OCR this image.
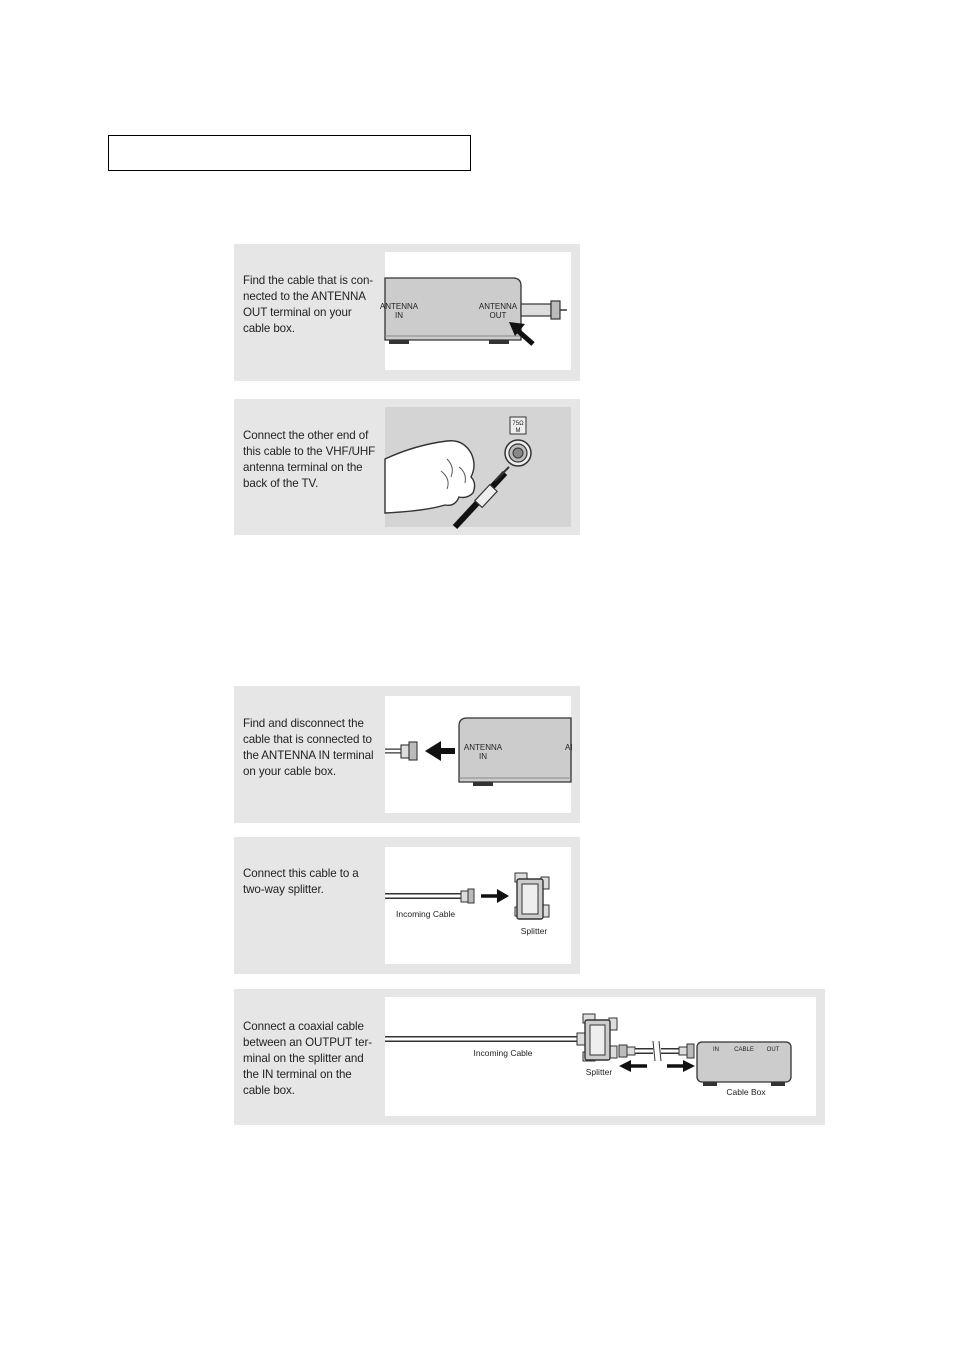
Find the cable that is con-nected to the ANTENNA OUT terminal on your cable box.
ANTENNA
IN
ANTENNA
OUT
Connect the other end of this cable to the VHF/UHF antenna terminal on the back of the TV.
75Ω
M
Find and disconnect the cable that is connected to the ANTENNA IN terminal on your cable box.
ANTENNA
IN
AI
Connect this cable to a two-way splitter.
Incoming Cable
Splitter
Connect a coaxial cable between an OUTPUT ter-minal on the splitter and the IN terminal on the cable box.
Incoming Cable
Splitter
IN	CABLE OUT
Cable Box
